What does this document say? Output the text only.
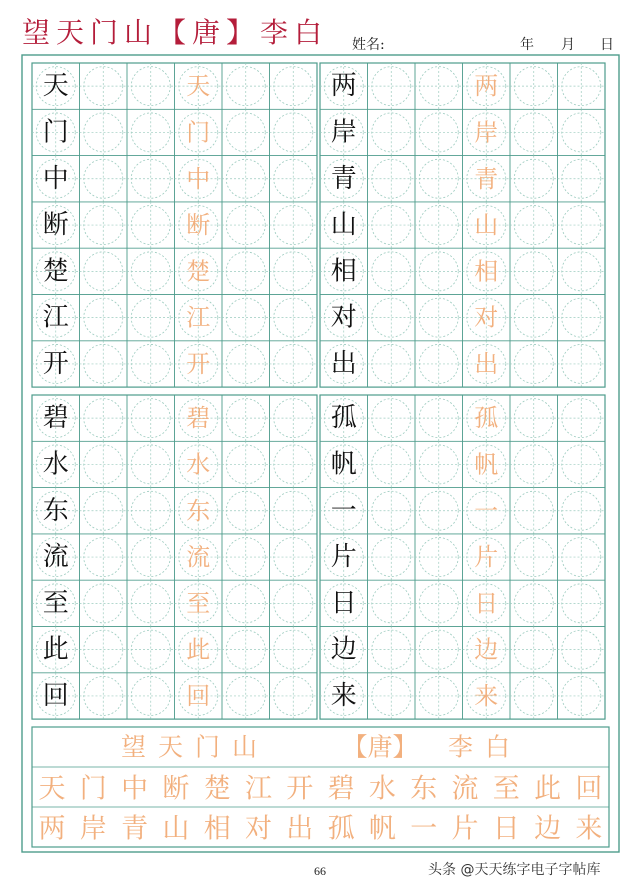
望天门山【唐】李白 姓名:	年 月 日
天	天
门	门
中	中
断	断
楚	楚
江	江
开	开
两	两
岸	岸
青	青
山	山
相	相
对	对
出	出
碧	碧
水	水
东	东
流	流
至	至
此	此
回	回
孤	孤
帆	帆
一	一
片	片
日	日
边	边
来	来
望天门山	【唐】 李白
天 门 中 断 楚 江 开 碧 水 东 流 至 此 回
两 岸 青 山 相 对 出 孤 帆 一 片 日 边 来
66	头条 @天天练字电子字帖库
